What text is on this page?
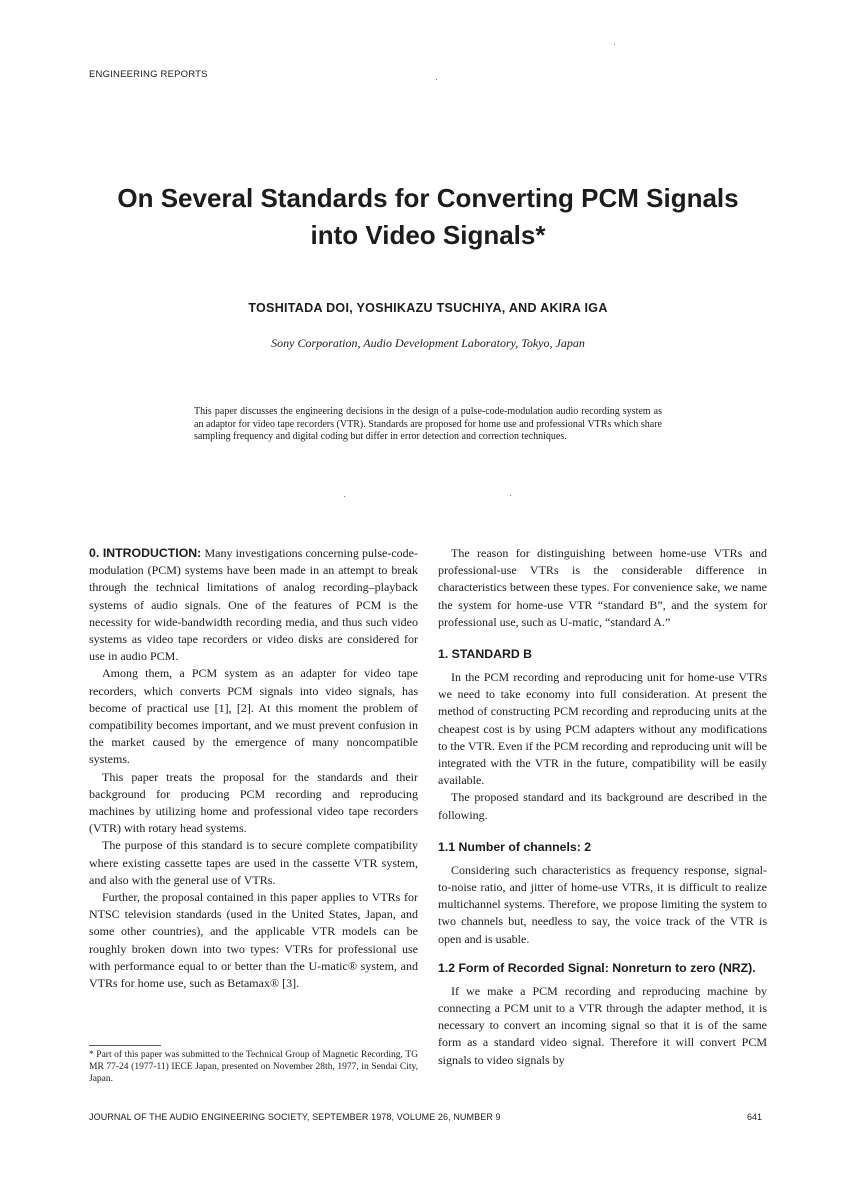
ENGINEERING REPORTS
On Several Standards for Converting PCM Signals
into Video Signals*
TOSHITADA DOI, YOSHIKAZU TSUCHIYA, AND AKIRA IGA
Sony Corporation, Audio Development Laboratory, Tokyo, Japan
This paper discusses the engineering decisions in the design of a pulse-code-modulation audio recording system as an adaptor for video tape recorders (VTR). Standards are proposed for home use and professional VTRs which share sampling frequency and digital coding but differ in error detection and correction techniques.

0. INTRODUCTION: Many investigations concerning pulse-code-modulation (PCM) systems have been made in an attempt to break through the technical limitations of analog recording–playback systems of audio signals. One of the features of PCM is the necessity for wide-bandwidth recording media, and thus such video systems as video tape recorders or video disks are considered for use in audio PCM.

Among them, a PCM system as an adapter for video tape recorders, which converts PCM signals into video signals, has become of practical use [1], [2]. At this moment the problem of compatibility becomes important, and we must prevent confusion in the market caused by the emergence of many noncompatible systems.

This paper treats the proposal for the standards and their background for producing PCM recording and reproducing machines by utilizing home and professional video tape recorders (VTR) with rotary head systems.

The purpose of this standard is to secure complete compatibility where existing cassette tapes are used in the cassette VTR system, and also with the general use of VTRs.

Further, the proposal contained in this paper applies to VTRs for NTSC television standards (used in the United States, Japan, and some other countries), and the applicable VTR models can be roughly broken down into two types: VTRs for professional use with performance equal to or better than the U-matic® system, and VTRs for home use, such as Betamax® [3].

* Part of this paper was submitted to the Technical Group of Magnetic Recording, TG MR 77-24 (1977-11) IECE Japan, presented on November 28th, 1977, in Sendai City, Japan.

The reason for distinguishing between home-use VTRs and professional-use VTRs is the considerable difference in characteristics between these types. For convenience sake, we name the system for home-use VTR “standard B”, and the system for professional use, such as U-matic, “standard A.”

1. STANDARD B

In the PCM recording and reproducing unit for home-use VTRs we need to take economy into full consideration. At present the method of constructing PCM recording and reproducing units at the cheapest cost is by using PCM adapters without any modifications to the VTR. Even if the PCM recording and reproducing unit will be integrated with the VTR in the future, compatibility will be easily available.

The proposed standard and its background are described in the following.

1.1 Number of channels: 2

Considering such characteristics as frequency response, signal-to-noise ratio, and jitter of home-use VTRs, it is difficult to realize multichannel systems. Therefore, we propose limiting the system to two channels but, needless to say, the voice track of the VTR is open and is usable.

1.2 Form of Recorded Signal: Nonreturn to zero (NRZ).

If we make a PCM recording and reproducing machine by connecting a PCM unit to a VTR through the adapter method, it is necessary to convert an incoming signal so that it is of the same form as a standard video signal. Therefore it will convert PCM signals to video signals by

JOURNAL OF THE AUDIO ENGINEERING SOCIETY, SEPTEMBER 1978, VOLUME 26, NUMBER 9	641
